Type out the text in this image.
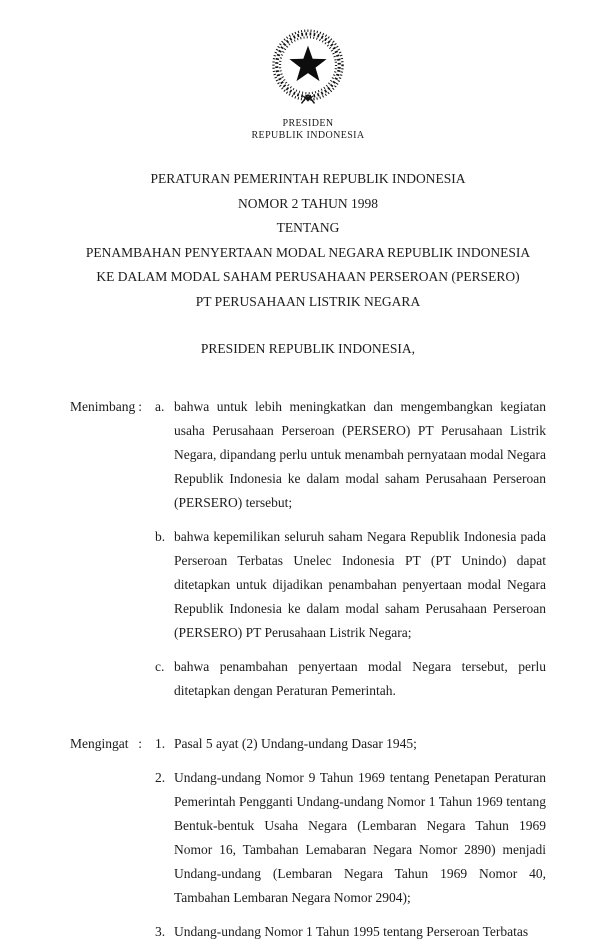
PRESIDEN
REPUBLIK INDONESIA
PERATURAN PEMERINTAH REPUBLIK INDONESIA
NOMOR 2 TAHUN 1998
TENTANG
PENAMBAHAN PENYERTAAN MODAL NEGARA REPUBLIK INDONESIA
KE DALAM MODAL SAHAM PERUSAHAAN PERSEROAN (PERSERO)
PT PERUSAHAAN LISTRIK NEGARA
PRESIDEN REPUBLIK INDONESIA,
Menimbang : a. bahwa untuk lebih meningkatkan dan mengembangkan kegiatan usaha Perusahaan Perseroan (PERSERO) PT Perusahaan Listrik Negara, dipandang perlu untuk menambah pernyataan modal Negara Republik Indonesia ke dalam modal saham Perusahaan Perseroan (PERSERO) tersebut;
b. bahwa kepemilikan seluruh saham Negara Republik Indonesia pada Perseroan Terbatas Unelec Indonesia PT (PT Unindo) dapat ditetapkan untuk dijadikan penambahan penyertaan modal Negara Republik Indonesia ke dalam modal saham Perusahaan Perseroan (PERSERO) PT Perusahaan Listrik Negara;
c. bahwa penambahan penyertaan modal Negara tersebut, perlu ditetapkan dengan Peraturan Pemerintah.
Mengingat : 1. Pasal 5 ayat (2) Undang-undang Dasar 1945;
2. Undang-undang Nomor 9 Tahun 1969 tentang Penetapan Peraturan Pemerintah Pengganti Undang-undang Nomor 1 Tahun 1969 tentang Bentuk-bentuk Usaha Negara (Lembaran Negara Tahun 1969 Nomor 16, Tambahan Lemabaran Negara Nomor 2890) menjadi Undang-undang (Lembaran Negara Tahun 1969 Nomor 40, Tambahan Lembaran Negara Nomor 2904);
3. Undang-undang Nomor 1 Tahun 1995 tentang Perseroan Terbatas
